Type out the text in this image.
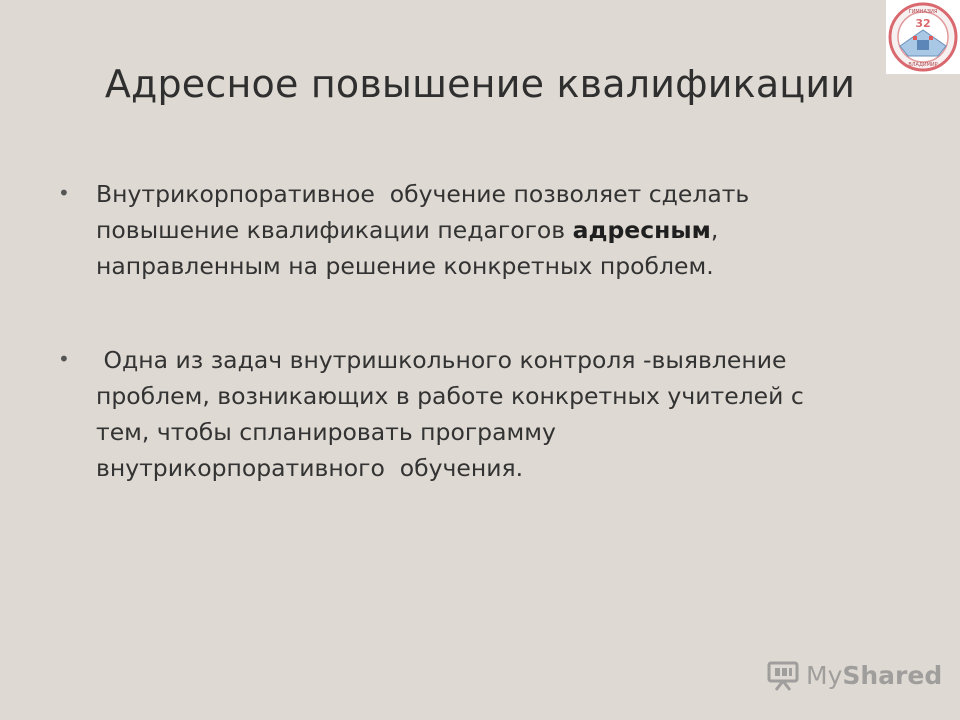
Адресное повышение квалификации
• Внутрикорпоративное  обучение позволяет сделать
повышение квалификации педагогов адресным,
направленным на решение конкретных проблем.
• Одна из задач внутришкольного контроля -выявление
проблем, возникающих в работе конкретных учителей с
тем, чтобы спланировать программу
внутрикорпоративного  обучения.
32
ГИМНАЗИЯ
ВЛАДИМИР
MyShared
